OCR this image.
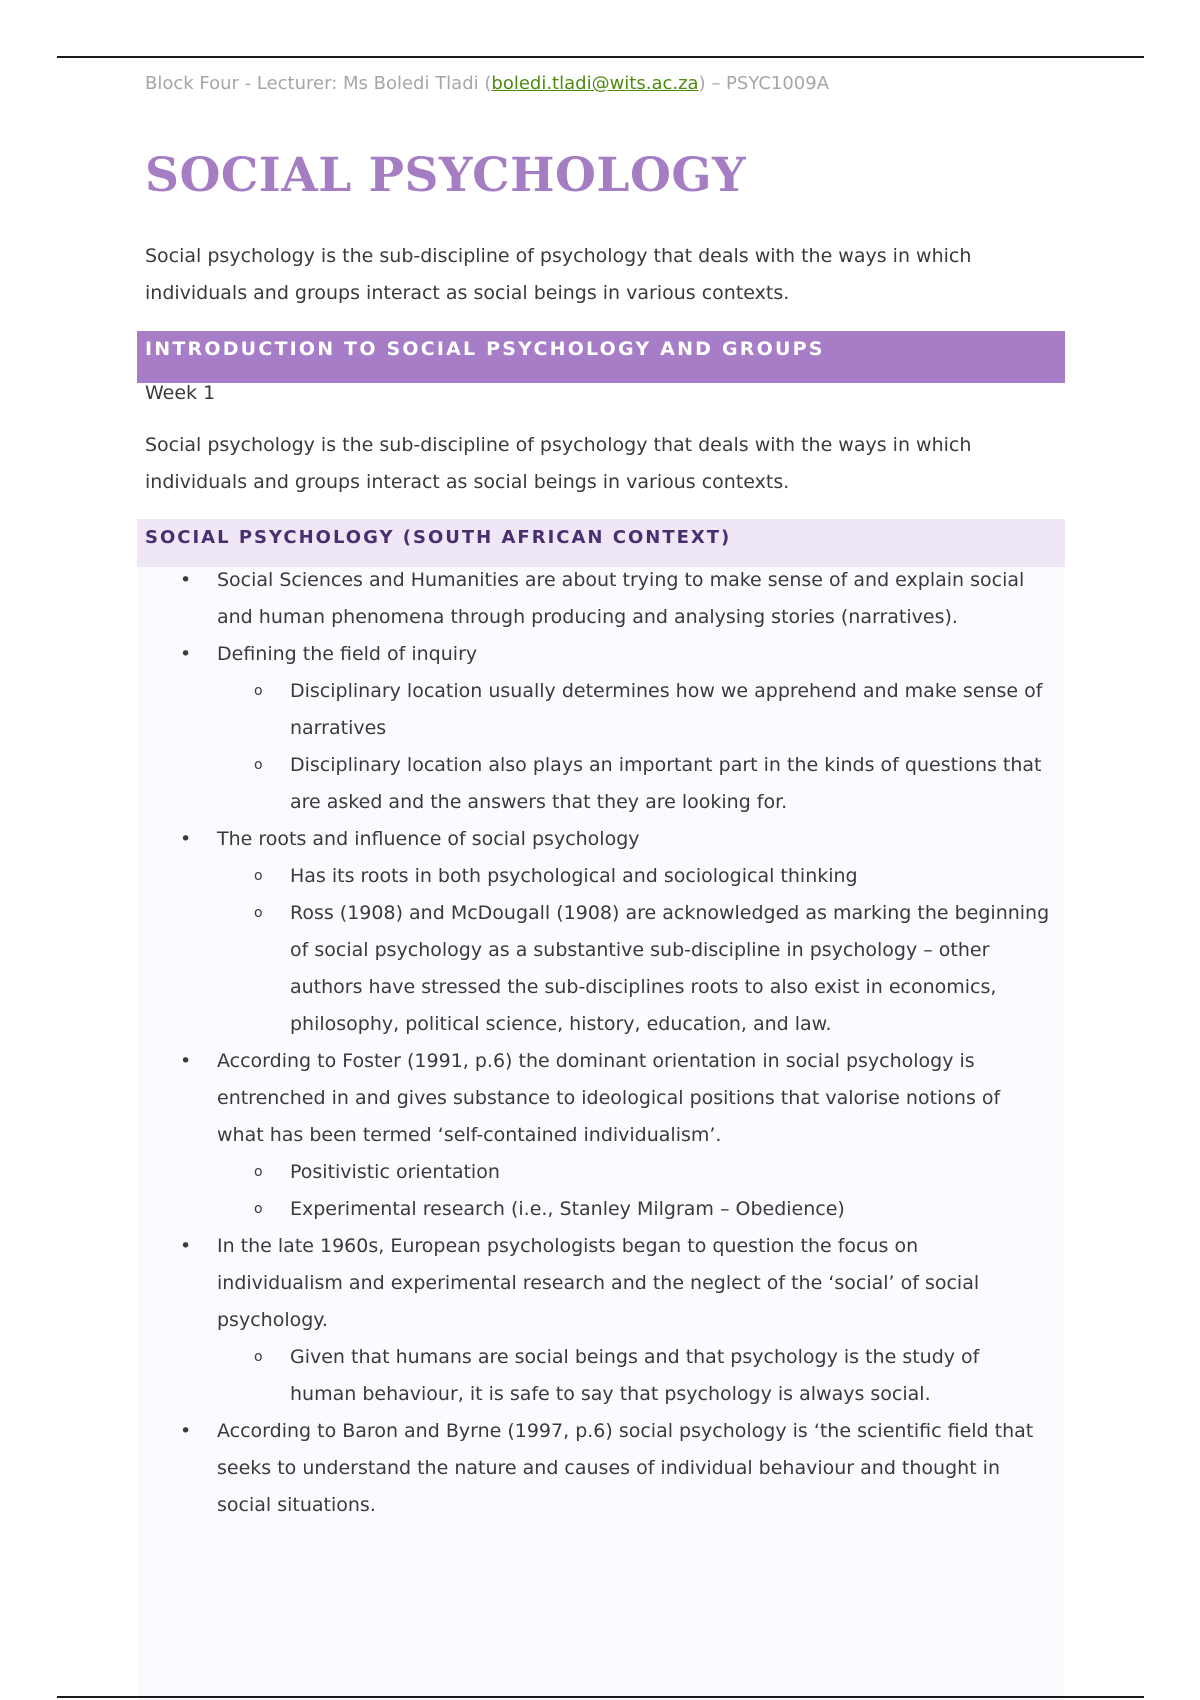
Block Four - Lecturer: Ms Boledi Tladi (boledi.tladi@wits.ac.za) – PSYC1009A
SOCIAL PSYCHOLOGY

Social psychology is the sub-discipline of psychology that deals with the ways in which individuals and groups interact as social beings in various contexts.

INTRODUCTION TO SOCIAL PSYCHOLOGY AND GROUPS
Week 1

Social psychology is the sub-discipline of psychology that deals with the ways in which individuals and groups interact as social beings in various contexts.

SOCIAL PSYCHOLOGY (SOUTH AFRICAN CONTEXT)
• Social Sciences and Humanities are about trying to make sense of and explain social and human phenomena through producing and analysing stories (narratives).
• Defining the field of inquiry
o Disciplinary location usually determines how we apprehend and make sense of narratives
o Disciplinary location also plays an important part in the kinds of questions that are asked and the answers that they are looking for.
• The roots and influence of social psychology
o Has its roots in both psychological and sociological thinking
o Ross (1908) and McDougall (1908) are acknowledged as marking the beginning of social psychology as a substantive sub-discipline in psychology – other authors have stressed the sub-disciplines roots to also exist in economics, philosophy, political science, history, education, and law.
• According to Foster (1991, p.6) the dominant orientation in social psychology is entrenched in and gives substance to ideological positions that valorise notions of what has been termed ‘self-contained individualism’.
o Positivistic orientation
o Experimental research (i.e., Stanley Milgram – Obedience)
• In the late 1960s, European psychologists began to question the focus on individualism and experimental research and the neglect of the ‘social’ of social psychology.
o Given that humans are social beings and that psychology is the study of human behaviour, it is safe to say that psychology is always social.
• According to Baron and Byrne (1997, p.6) social psychology is ‘the scientific field that seeks to understand the nature and causes of individual behaviour and thought in social situations.
